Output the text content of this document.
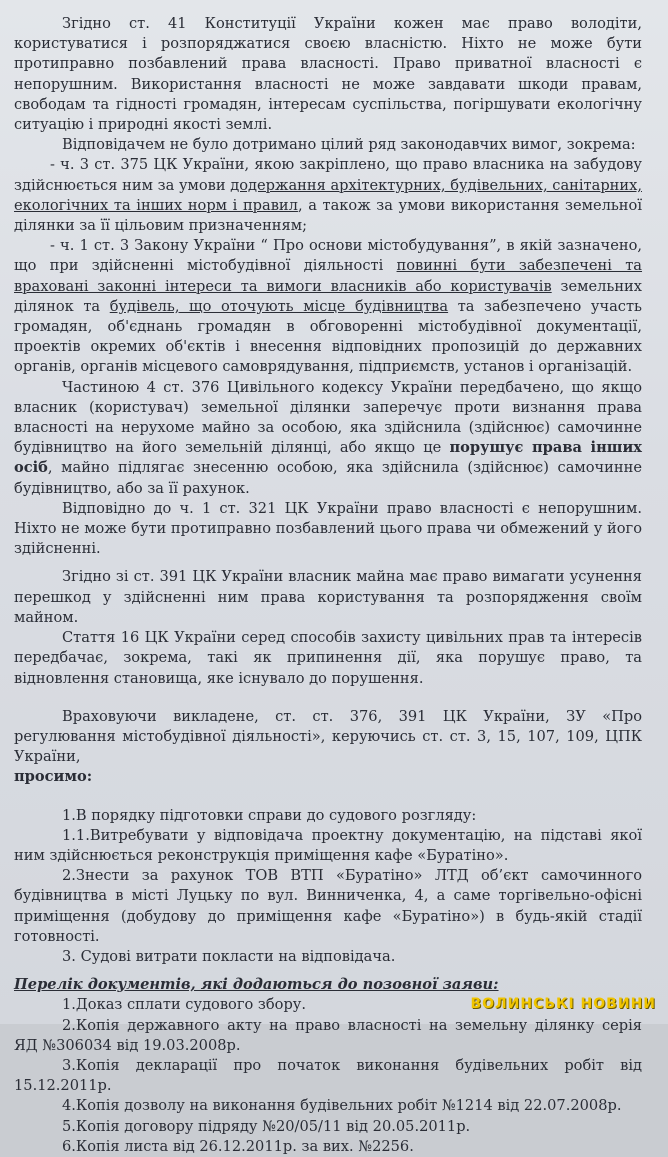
Згідно ст. 41 Конституції України кожен має право володіти, користуватися і розпоряджатися своєю власністю. Ніхто не може бути протиправно позбавлений права власності. Право приватної власності є непорушним. Використання власності не може завдавати шкоди правам, свободам та гідності громадян, інтересам суспільства, погіршувати екологічну ситуацію і природні якості землі.

Відповідачем не було дотримано цілий ряд законодавчих вимог, зокрема:

- ч. 3 ст. 375 ЦК України, якою закріплено, що право власника на забудову здійснюється ним за умови додержання архітектурних, будівельних, санітарних, екологічних та інших норм і правил, а також за умови використання земельної ділянки за її цільовим призначенням;

- ч. 1 ст. 3 Закону України “ Про основи містобудування”, в якій зазначено, що при здійсненні містобудівної діяльності повинні бути забезпечені та враховані законні інтереси та вимоги власників або користувачів земельних ділянок та будівель, що оточують місце будівництва та забезпечено участь громадян, об'єднань громадян в обговоренні містобудівної документації, проектів окремих об'єктів і внесення відповідних пропозицій до державних органів, органів місцевого самоврядування, підприємств, установ і організацій.

Частиною 4 ст. 376 Цивільного кодексу України передбачено, що якщо власник (користувач) земельної ділянки заперечує проти визнання права власності на нерухоме майно за особою, яка здійснила (здійснює) самочинне будівництво на його земельній ділянці, або якщо це порушує права інших осіб, майно підлягає знесенню особою, яка здійснила (здійснює) самочинне будівництво, або за її рахунок.

Відповідно до ч. 1 ст. 321 ЦК України право власності є непорушним. Ніхто не може бути протиправно позбавлений цього права чи обмежений у його здійсненні.

Згідно зі ст. 391 ЦК України власник майна має право вимагати усунення перешкод у здійсненні ним права користування та розпорядження своїм майном.

Стаття 16 ЦК України серед способів захисту цивільних прав та інтересів передбачає, зокрема, такі як припинення дії, яка порушує право, та відновлення становища, яке існувало до порушення.

Враховуючи викладене, ст. ст. 376, 391 ЦК України, ЗУ «Про регулювання містобудівної діяльності», керуючись ст. ст. 3, 15, 107, 109, ЦПК України,

просимо:

1.В порядку підготовки справи до судового розгляду:

1.1.Витребувати у відповідача проектну документацію, на підставі якої ним здійснюється реконструкція приміщення кафе «Буратіно».

2.Знести за рахунок ТОВ ВТП «Буратіно» ЛТД об’єкт самочинного будівництва в місті Луцьку по вул. Винниченка, 4, а саме торгівельно-офісні приміщення (добудову до приміщення кафе «Буратіно») в будь-якій стадії готовності.

3. Судові витрати покласти на відповідача.

Перелік документів, які додаються до позовної заяви:

1.Доказ сплати судового збору.

2.Копія державного акту на право власності на земельну ділянку серія ЯД №306034 від 19.03.2008р.

3.Копія декларації про початок виконання будівельних робіт від 15.12.2011р.

4.Копія дозволу на виконання будівельних робіт №1214 від 22.07.2008р.

5.Копія договору підряду №20/05/11 від 20.05.2011р.

6.Копія листа від 26.12.2011р. за вих. №2256.

ВОЛИНСЬКІ НОВИНИ
